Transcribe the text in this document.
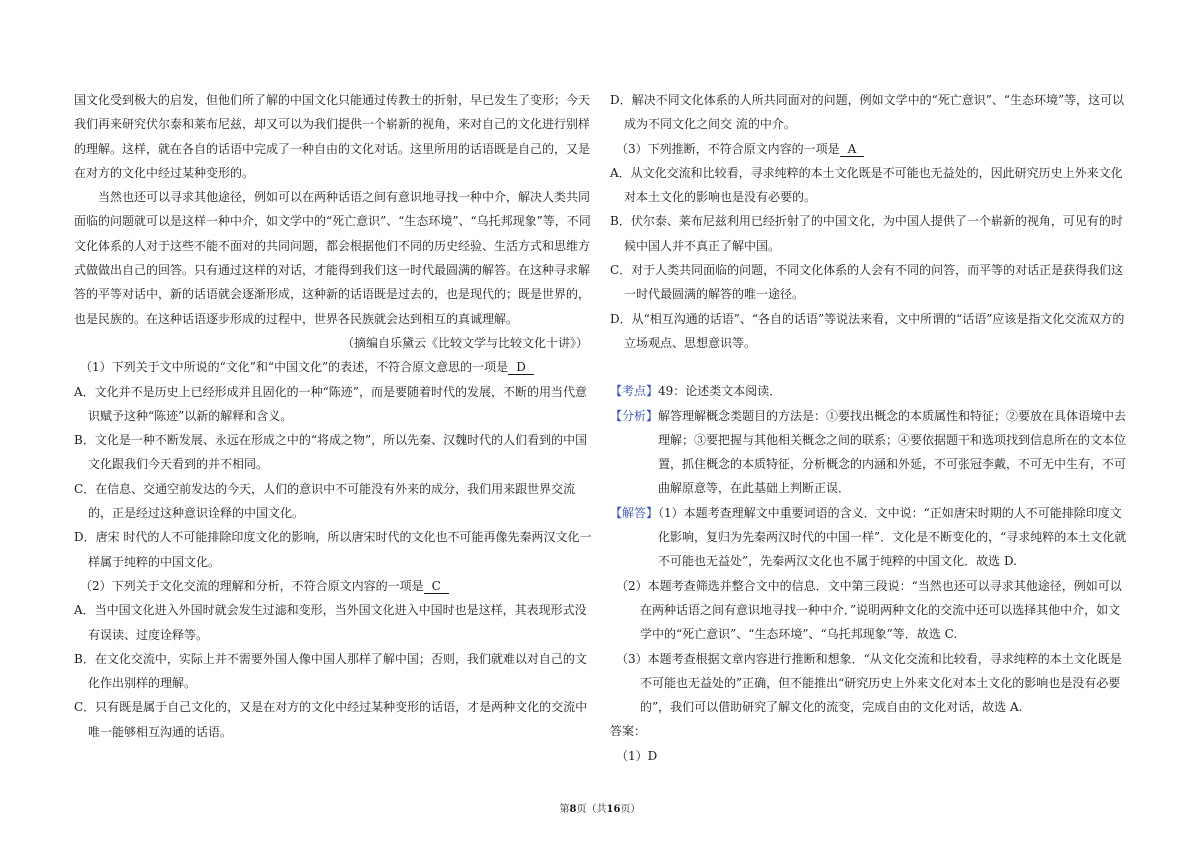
国文化受到极大的启发，但他们所了解的中国文化只能通过传教士的折射，早已发生了变形；今天我们再来研究伏尔泰和莱布尼兹，却又可以为我们提供一个崭新的视角，来对自己的文化进行别样的理解。这样，就在各自的话语中完成了一种自由的文化对话。这里所用的话语既是自己的，又是在对方的文化中经过某种变形的。

当然也还可以寻求其他途径，例如可以在两种话语之间有意识地寻找一种中介，解决人类共同面临的问题就可以是这样一种中介，如文学中的“死亡意识”、“生态环境”、“乌托邦现象”等，不同文化体系的人对于这些不能不面对的共同问题，都会根据他们不同的历史经验、生活方式和思维方式做做出自己的回答。只有通过这样的对话，才能得到我们这一时代最圆满的解答。在这种寻求解答的平等对话中，新的话语就会逐渐形成，这种新的话语既是过去的，也是现代的；既是世界的，也是民族的。在这种话语逐步形成的过程中，世界各民族就会达到相互的真诚理解。

（摘编自乐黛云《比较文学与比较文化十讲》）

（1）下列关于文中所说的“文化”和“中国文化”的表述，不符合原文意思的一项是 D

A．文化并不是历史上已经形成并且固化的一种“陈迹”，而是要随着时代的发展，不断的用当代意识赋予这种“陈迹”以新的解释和含义。

B．文化是一种不断发展、永远在形成之中的“将成之物”，所以先秦、汉魏时代的人们看到的中国文化跟我们今天看到的并不相同。

C．在信息、交通空前发达的今天，人们的意识中不可能没有外来的成分，我们用来跟世界交流的，正是经过这种意识诠释的中国文化。

D．唐宋 时代的人不可能排除印度文化的影响，所以唐宋时代的文化也不可能再像先秦两汉文化一样属于纯粹的中国文化。

（2）下列关于文化交流的理解和分析，不符合原文内容的一项是 C

A．当中国文化进入外国时就会发生过滤和变形，当外国文化进入中国时也是这样，其表现形式没有误读、过度诠释等。

B．在文化交流中，实际上并不需要外国人像中国人那样了解中国；否则，我们就难以对自己的文化作出别样的理解。

C．只有既是属于自己文化的，又是在对方的文化中经过某种变形的话语，才是两种文化的交流中唯一能够相互沟通的话语。

D．解决不同文化体系的人所共同面对的问题，例如文学中的“死亡意识”、“生态环境”等，这可以成为不同文化之间交 流的中介。

（3）下列推断，不符合原文内容的一项是 A

A．从文化交流和比较看，寻求纯粹的本土文化既是不可能也无益处的，因此研究历史上外来文化对本土文化的影响也是没有必要的。

B．伏尔泰、莱布尼兹利用已经折射了的中国文化，为中国人提供了一个崭新的视角，可见有的时候中国人并不真正了解中国。

C．对于人类共同面临的问题，不同文化体系的人会有不同的问答，而平等的对话正是获得我们这一时代最圆满的解答的唯一途径。

D．从“相互沟通的话语”、“各自的话语”等说法来看，文中所谓的“话语”应该是指文化交流双方的立场观点、思想意识等。

【考点】49：论述类文本阅读．

【分析】解答理解概念类题目的方法是：①要找出概念的本质属性和特征；②要放在具体语境中去理解；③要把握与其他相关概念之间的联系；④要依据题干和选项找到信息所在的文本位置，抓住概念的本质特征，分析概念的内涵和外延，不可张冠李戴，不可无中生有，不可曲解原意等，在此基础上判断正误．

【解答】（1）本题考查理解文中重要词语的含义．文中说：“正如唐宋时期的人不可能排除印度文化影响，复归为先秦两汉时代的中国一样”．文化是不断变化的，“寻求纯粹的本土文化就不可能也无益处”，先秦两汉文化也不属于纯粹的中国文化．故选 D.

（2）本题考查筛选并整合文中的信息．文中第三段说：“当然也还可以寻求其他途径，例如可以在两种话语之间有意识地寻找一种中介．”说明两种文化的交流中还可以选择其他中介，如文学中的“死亡意识”、“生态环境”、“乌托邦现象”等．故选 C.

（3）本题考查根据文章内容进行推断和想象．“从文化交流和比较看，寻求纯粹的本土文化既是不可能也无益处的”正确，但不能推出“研究历史上外来文化对本土文化的影响也是没有必要的”，我们可以借助研究了解文化的流变，完成自由的文化对话，故选 A.

答案：

（1）D

第8页（共16页）
